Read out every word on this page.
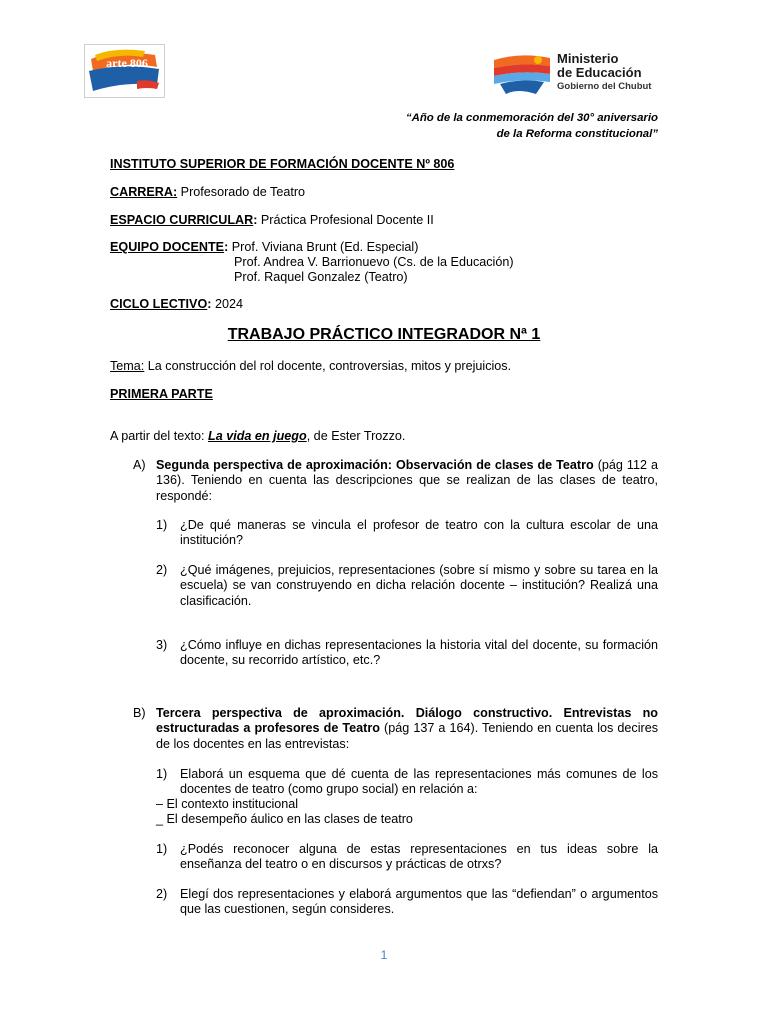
arte 806	Ministerio
de Educación
Gobierno del Chubut
“Año de la conmemoración del 30° aniversario
de la Reforma constitucional”
INSTITUTO SUPERIOR DE FORMACIÓN DOCENTE Nº 806
CARRERA: Profesorado de Teatro
ESPACIO CURRICULAR: Práctica Profesional Docente II
EQUIPO DOCENTE: Prof. Viviana Brunt (Ed. Especial)
Prof. Andrea V. Barrionuevo (Cs. de la Educación)
Prof. Raquel Gonzalez (Teatro)
CICLO LECTIVO: 2024
TRABAJO PRÁCTICO INTEGRADOR Nª 1
Tema: La construcción del rol docente, controversias, mitos y prejuicios.
PRIMERA PARTE
A partir del texto: La vida en juego, de Ester Trozzo.
A) Segunda perspectiva de aproximación: Observación de clases de Teatro (pág 112 a 136). Teniendo en cuenta las descripciones que se realizan de las clases de teatro, respondé:
1) ¿De qué maneras se vincula el profesor de teatro con la cultura escolar de una institución?
2) ¿Qué imágenes, prejuicios, representaciones (sobre sí mismo y sobre su tarea en la escuela) se van construyendo en dicha relación docente – institución? Realizá una clasificación.
3) ¿Cómo influye en dichas representaciones la historia vital del docente, su formación docente, su recorrido artístico, etc.?
B) Tercera perspectiva de aproximación. Diálogo constructivo. Entrevistas no estructuradas a profesores de Teatro (pág 137 a 164). Teniendo en cuenta los decires de los docentes en las entrevistas:
1) Elaborá un esquema que dé cuenta de las representaciones más comunes de los docentes de teatro (como grupo social) en relación a:
– El contexto institucional
_ El desempeño áulico en las clases de teatro
1) ¿Podés reconocer alguna de estas representaciones en tus ideas sobre la enseñanza del teatro o en discursos y prácticas de otrxs?
2) Elegí dos representaciones y elaborá argumentos que las “defiendan” o argumentos que las cuestionen, según consideres.
1
